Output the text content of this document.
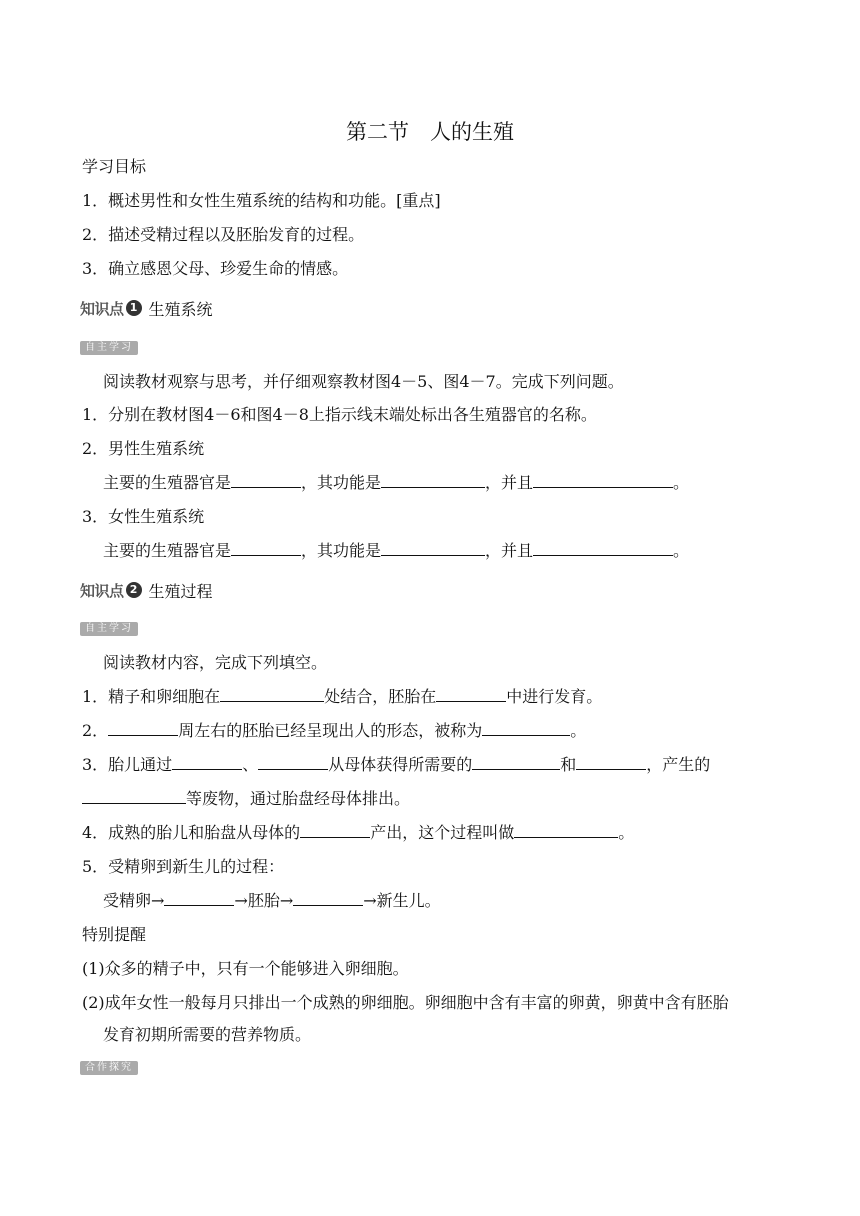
第二节　人的生殖
学习目标
1．概述男性和女性生殖系统的结构和功能。[重点]
2．描述受精过程以及胚胎发育的过程。
3．确立感恩父母、珍爱生命的情感。
知识点 1 生殖系统
自主学习
阅读教材观察与思考，并仔细观察教材图4－5、图4－7。完成下列问题。
1．分别在教材图4－6和图4－8上指示线末端处标出各生殖器官的名称。
2．男性生殖系统
主要的生殖器官是	，其功能是	，并且	。
3．女性生殖系统
主要的生殖器官是	，其功能是	，并且	。
知识点 2 生殖过程
自主学习
阅读教材内容，完成下列填空。
1．精子和卵细胞在	处结合，胚胎在	中进行发育。
2．	周左右的胚胎已经呈现出人的形态，被称为	。
3．胎儿通过	、	从母体获得所需要的	和	，产生的
等废物，通过胎盘经母体排出。
4．成熟的胎儿和胎盘从母体的	产出，这个过程叫做	。
5．受精卵到新生儿的过程：
受精卵→	→胚胎→	→新生儿。
特别提醒
(1)众多的精子中，只有一个能够进入卵细胞。
(2)成年女性一般每月只排出一个成熟的卵细胞。卵细胞中含有丰富的卵黄，卵黄中含有胚胎
发育初期所需要的营养物质。
合作探究
